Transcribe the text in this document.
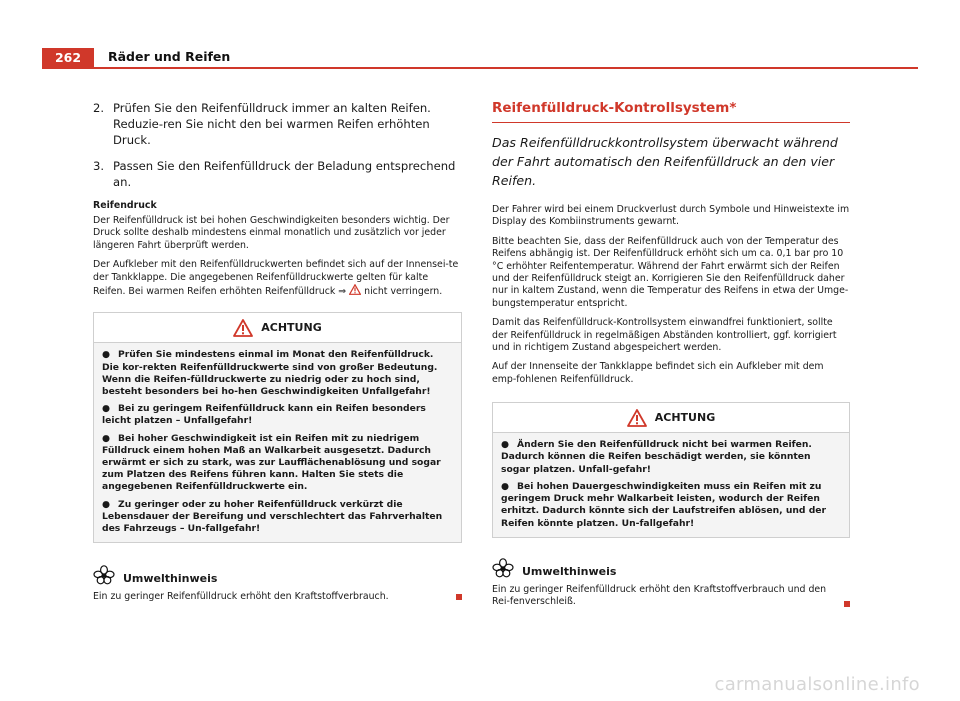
262	Räder und Reifen
2. Prüfen Sie den Reifenfülldruck immer an kalten Reifen. Reduzie-ren Sie nicht den bei warmen Reifen erhöhten Druck.
3. Passen Sie den Reifenfülldruck der Beladung entsprechend an.

Reifendruck

Der Reifenfülldruck ist bei hohen Geschwindigkeiten besonders wichtig. Der Druck sollte deshalb mindestens einmal monatlich und zusätzlich vor jeder längeren Fahrt überprüft werden.

Der Aufkleber mit den Reifenfülldruckwerten befindet sich auf der Innensei-te der Tankklappe. Die angegebenen Reifenfülldruckwerte gelten für kalte Reifen. Bei warmen Reifen erhöhten Reifenfülldruck ⇒ nicht verringern.

ACHTUNG

● Prüfen Sie mindestens einmal im Monat den Reifenfülldruck. Die kor-rekten Reifenfülldruckwerte sind von großer Bedeutung. Wenn die Reifen-fülldruckwerte zu niedrig oder zu hoch sind, besteht besonders bei ho-hen Geschwindigkeiten Unfallgefahr!

● Bei zu geringem Reifenfülldruck kann ein Reifen besonders leicht platzen – Unfallgefahr!

● Bei hoher Geschwindigkeit ist ein Reifen mit zu niedrigem Fülldruck einem hohen Maß an Walkarbeit ausgesetzt. Dadurch erwärmt er sich zu stark, was zur Laufflächenablösung und sogar zum Platzen des Reifens führen kann. Halten Sie stets die angegebenen Reifenfülldruckwerte ein.

● Zu geringer oder zu hoher Reifenfülldruck verkürzt die Lebensdauer der Bereifung und verschlechtert das Fahrverhalten des Fahrzeugs – Un-fallgefahr!

Umwelthinweis
Ein zu geringer Reifenfülldruck erhöht den Kraftstoffverbrauch.
Reifenfülldruck-Kontrollsystem*

Das Reifenfülldruckkontrollsystem überwacht während der Fahrt automatisch den Reifenfülldruck an den vier Reifen.

Der Fahrer wird bei einem Druckverlust durch Symbole und Hinweistexte im Display des Kombiinstruments gewarnt.

Bitte beachten Sie, dass der Reifenfülldruck auch von der Temperatur des Reifens abhängig ist. Der Reifenfülldruck erhöht sich um ca. 0,1 bar pro 10 °C erhöhter Reifentemperatur. Während der Fahrt erwärmt sich der Reifen und der Reifenfülldruck steigt an. Korrigieren Sie den Reifenfülldruck daher nur in kaltem Zustand, wenn die Temperatur des Reifens in etwa der Umge-bungstemperatur entspricht.

Damit das Reifenfülldruck-Kontrollsystem einwandfrei funktioniert, sollte der Reifenfülldruck in regelmäßigen Abständen kontrolliert, ggf. korrigiert und in richtigem Zustand abgespeichert werden.

Auf der Innenseite der Tankklappe befindet sich ein Aufkleber mit dem emp-fohlenen Reifenfülldruck.

ACHTUNG

● Ändern Sie den Reifenfülldruck nicht bei warmen Reifen. Dadurch können die Reifen beschädigt werden, sie könnten sogar platzen. Unfall-gefahr!

● Bei hohen Dauergeschwindigkeiten muss ein Reifen mit zu geringem Druck mehr Walkarbeit leisten, wodurch der Reifen erhitzt. Dadurch könnte sich der Laufstreifen ablösen, und der Reifen könnte platzen. Un-fallgefahr!

Umwelthinweis
Ein zu geringer Reifenfülldruck erhöht den Kraftstoffverbrauch und den Rei-fenverschleiß.
carmanualsonline.info
